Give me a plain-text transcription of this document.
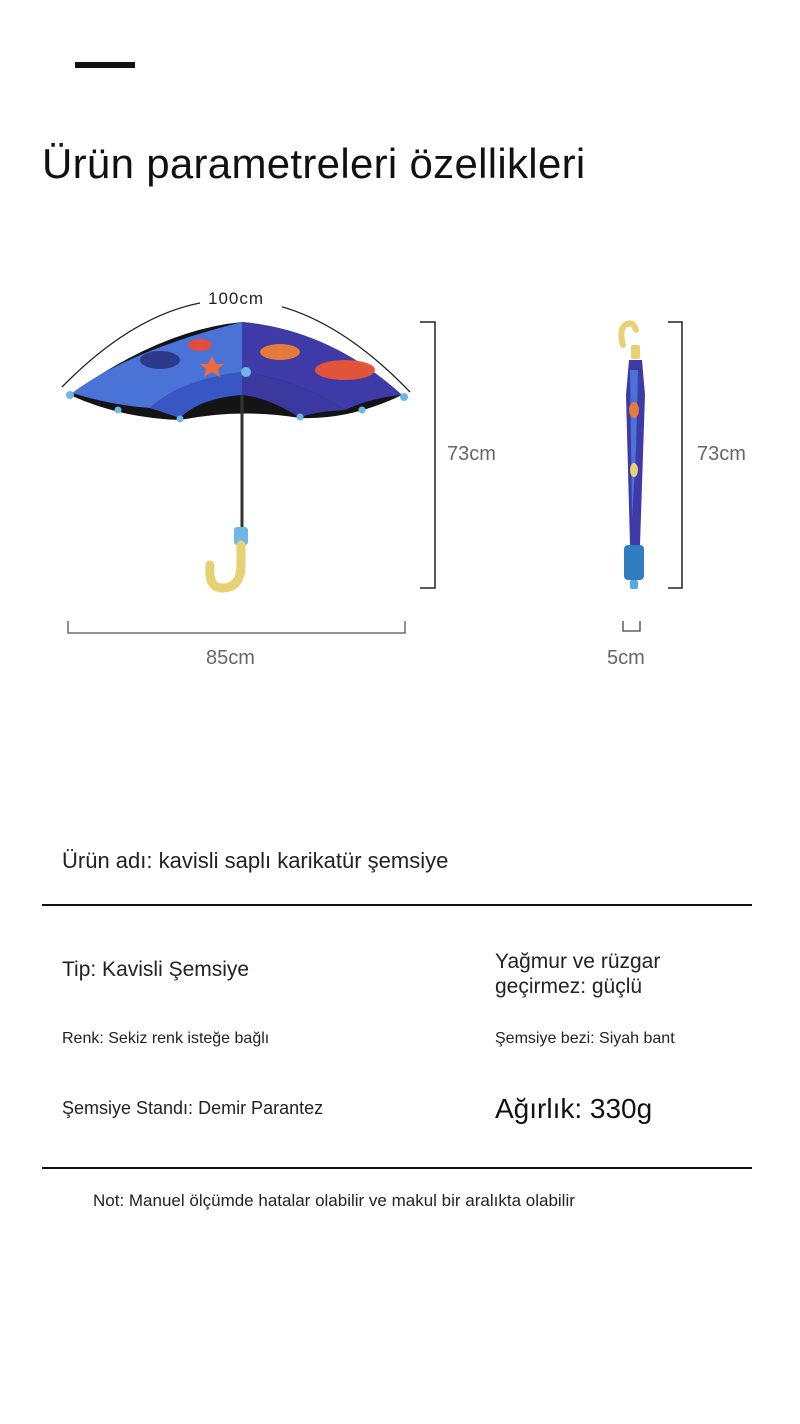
Ürün parametreleri özellikleri
100cm
73cm
85cm
73cm
5cm
Ürün adı: kavisli saplı karikatür şemsiye
Tip: Kavisli Şemsiye	Yağmur ve rüzgar
geçirmez: güçlü
Renk: Sekiz renk isteğe bağlı	Şemsiye bezi: Siyah bant
Şemsiye Standı: Demir Parantez	Ağırlık: 330g
Not: Manuel ölçümde hatalar olabilir ve makul bir aralıkta olabilir
